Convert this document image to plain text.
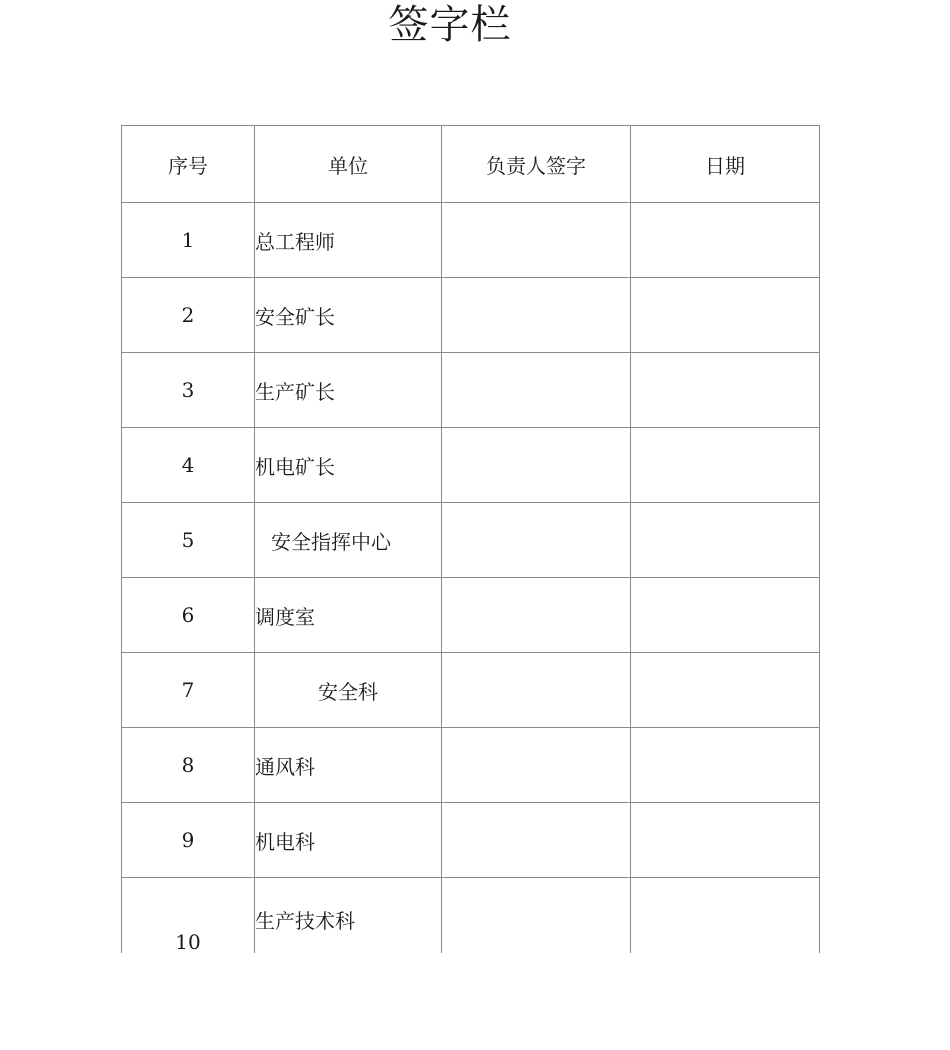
签字栏
序号	单位	负责人签字	日期
1	总工程师		
2	安全矿长		
3	生产矿长		
4	机电矿长		
5	安全指挥中心		
6	调度室		
7	安全科		
8	通风科		
9	机电科		
10	生产技术科		
